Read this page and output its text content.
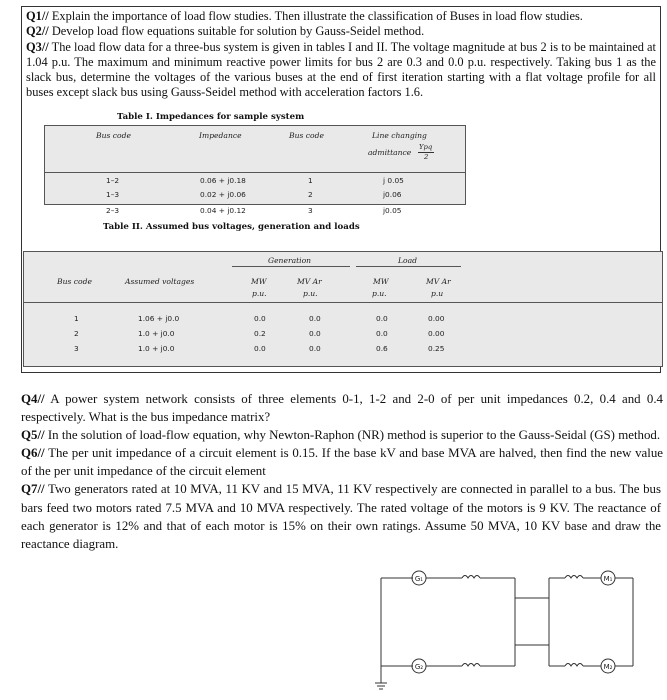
Q1// Explain the importance of load flow studies. Then illustrate the classification of Buses in load flow studies.

Q2// Develop load flow equations suitable for solution by Gauss-Seidel method.

Q3// The load flow data for a three-bus system is given in tables I and II. The voltage magnitude at bus 2 is to be maintained at 1.04 p.u. The maximum and minimum reactive power limits for bus 2 are 0.3 and 0.0 p.u. respectively. Taking bus 1 as the slack bus, determine the voltages of the various buses at the end of first iteration starting with a flat voltage profile for all buses except slack bus using Gauss-Seidel method with acceleration factors 1.6.

Table I. Impedances for sample system

Bus code	Impedance	Bus code	Line changing
admittance
Ypq
2
1–2	0.06 + j0.18	1	j 0.05
1–3	0.02 + j0.06	2	j0.06
2–3	0.04 + j0.12	3	j0.05

Table II. Assumed bus voltages, generation and loads

Generation	Load
Bus code	Assumed voltages	MW	MV Ar	MW	MV Ar
p.u.	p.u.	p.u.	p.u
1	1.06 + j0.0	0.0	0.0	0.0	0.00
2	1.0 + j0.0	0.2	0.0	0.0	0.00
3	1.0 + j0.0	0.0	0.0	0.6	0.25

Q4// A power system network consists of three elements 0-1, 1-2 and 2-0 of per unit impedances 0.2, 0.4 and 0.4 respectively. What is the bus impedance matrix?

Q5// In the solution of load-flow equation, why Newton-Raphon (NR) method is superior to the Gauss-Seidal (GS) method.

Q6// The per unit impedance of a circuit element is 0.15. If the base kV and base MVA are halved, then find the new value of the per unit impedance of the circuit element

Q7// Two generators rated at 10 MVA, 11 KV and 15 MVA, 11 KV respectively are connected in parallel to a bus. The bus bars feed two motors rated 7.5 MVA and 10 MVA respectively. The rated voltage of the motors is 9 KV. The reactance of each generator is 12% and that of each motor is 15% on their own ratings. Assume 50 MVA, 10 KV base and draw the reactance diagram.

G₁
G₂
M₁
M₂
